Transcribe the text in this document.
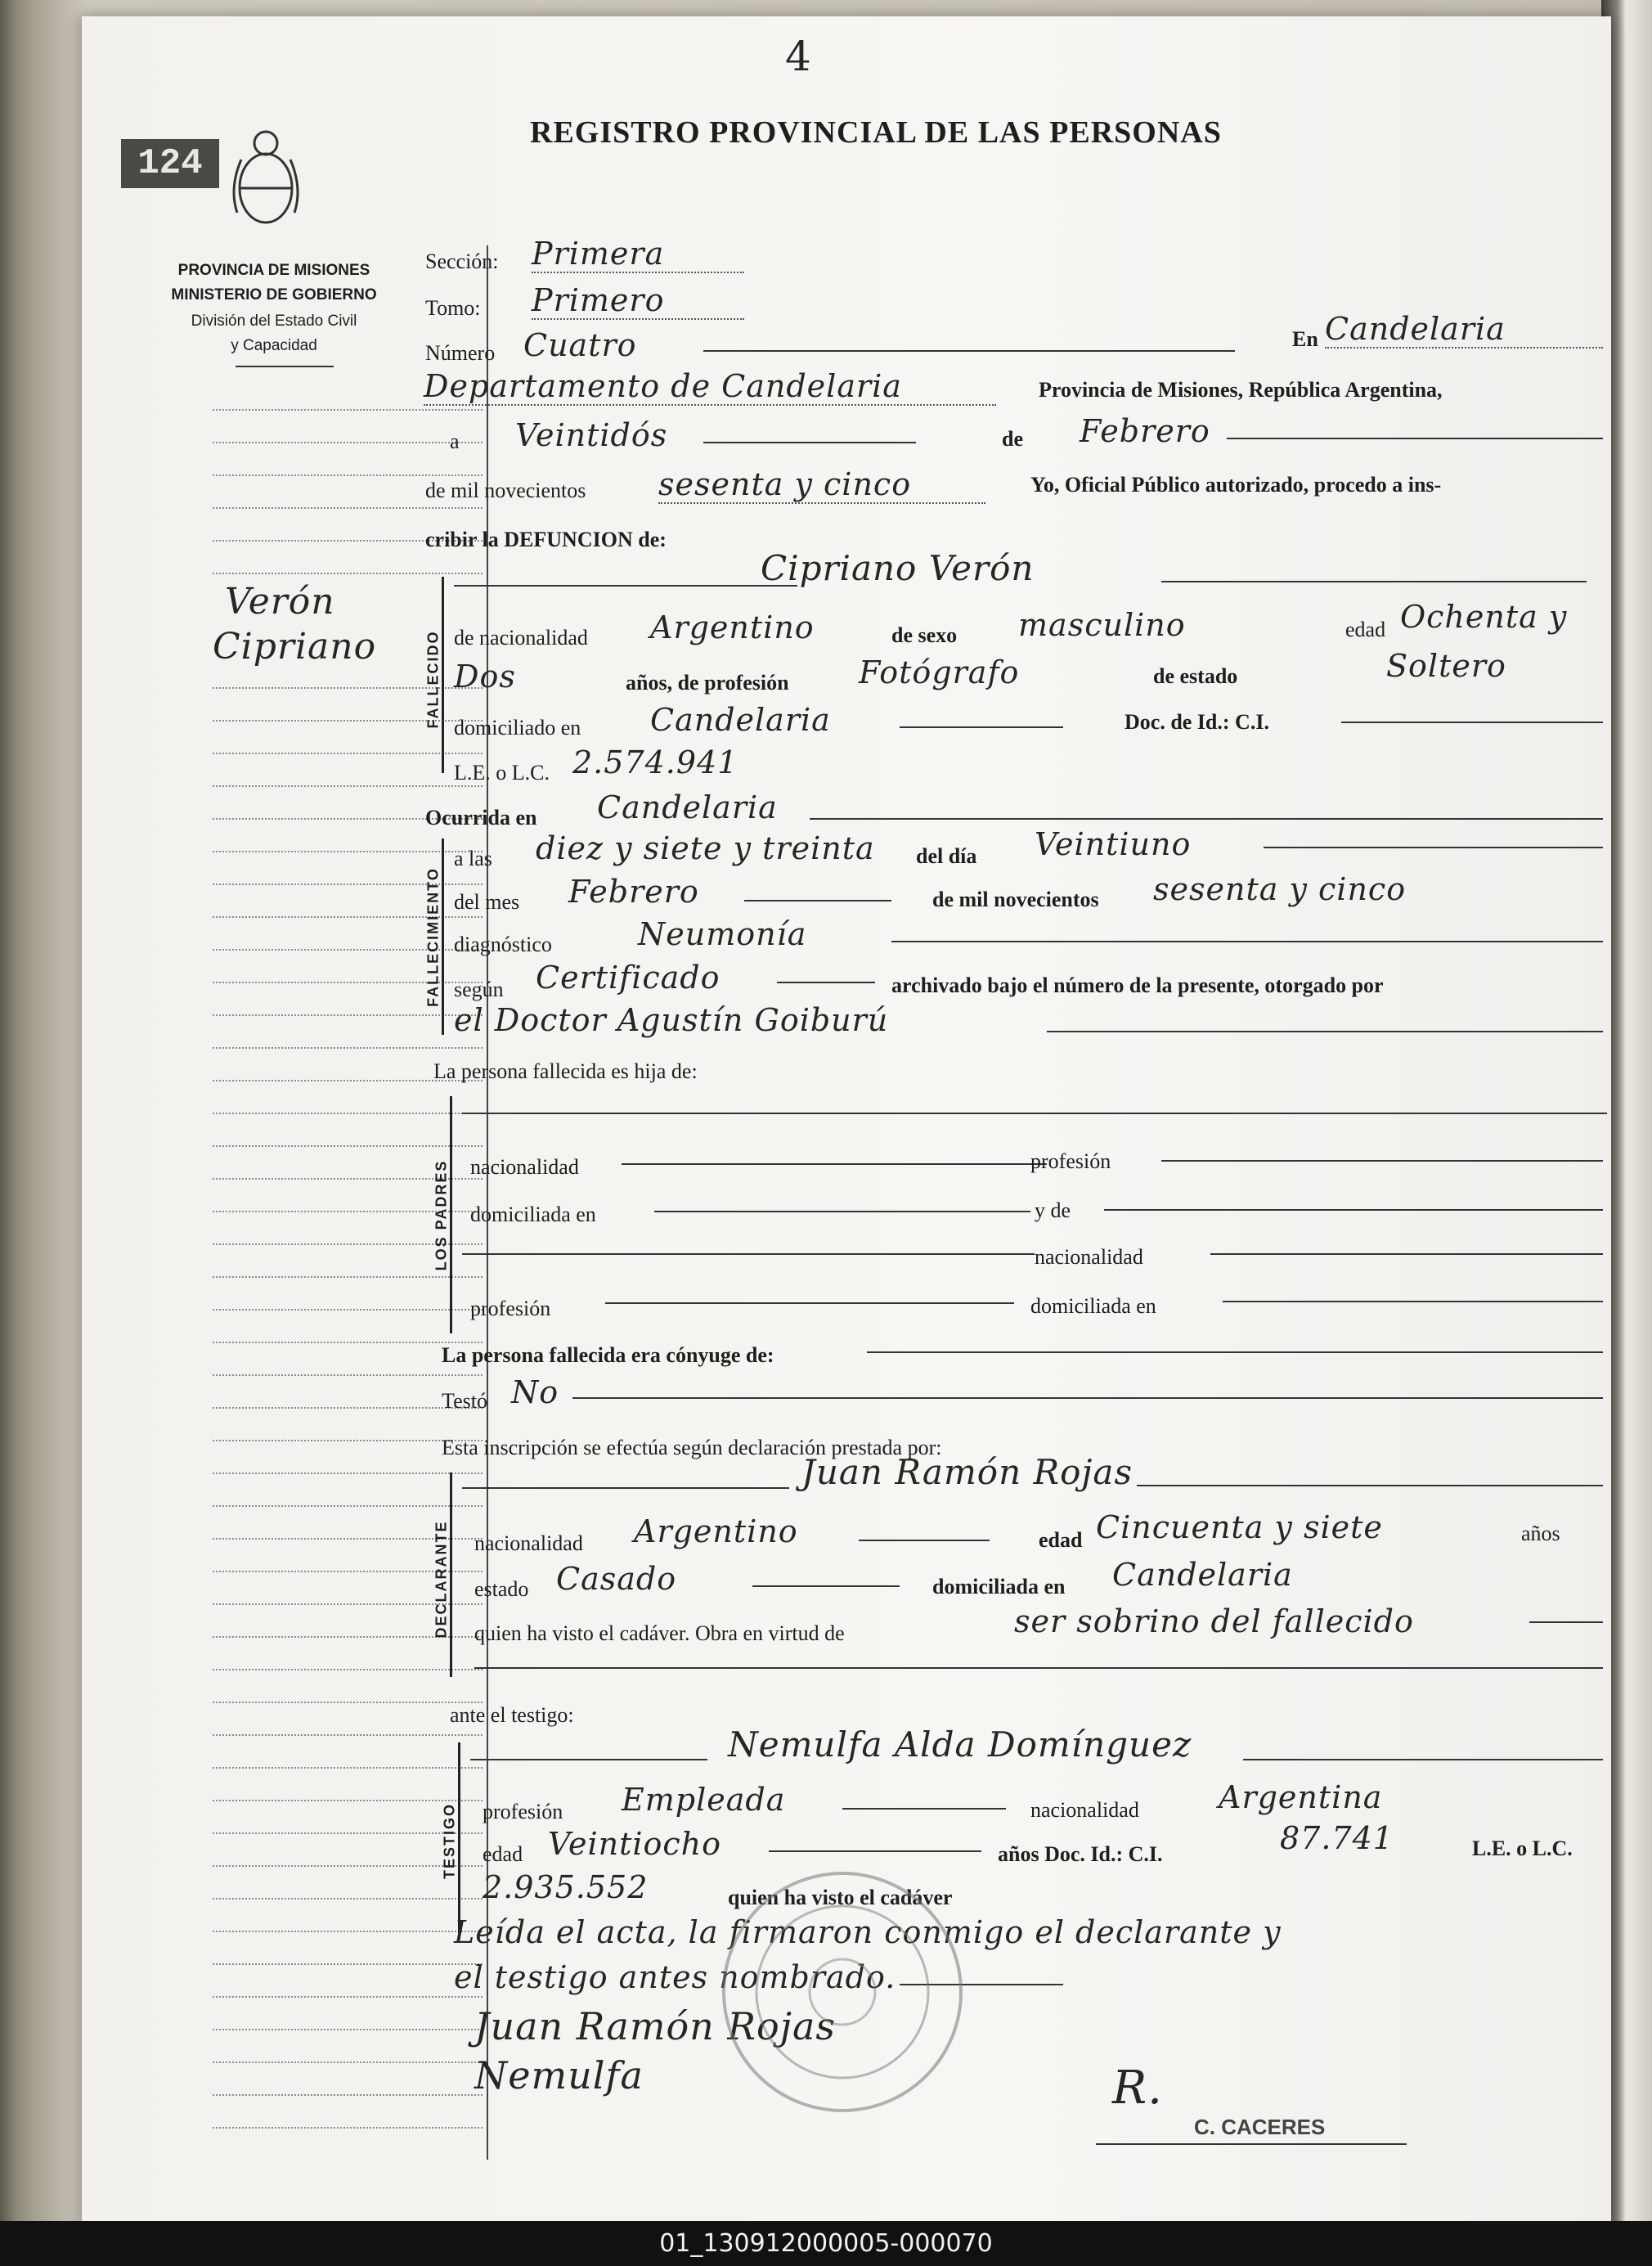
4
124
REGISTRO PROVINCIAL DE LAS PERSONAS
PROVINCIA DE MISIONES
MINISTERIO DE GOBIERNO
División del Estado Civil
y Capacidad
Verón
Cipriano
Sección: Primera
Tomo: Primero
Número Cuatro	En Candelaria
Departamento de Candelaria	Provincia de Misiones, República Argentina,
a Veintidós	de Febrero
de mil novecientos sesenta y cinco	Yo, Oficial Público autorizado, procedo a ins-
cribir la DEFUNCION de:
FALLECIDO
Cipriano Verón
de nacionalidad Argentino	de sexo masculino	edad Ochenta y
Dos	años, de profesión Fotógrafo	de estado	Soltero
domiciliado en Candelaria	Doc. de Id.: C.I.
L.E. o L.C. 2.574.941
Ocurrida en Candelaria
FALLECIMIENTO
a las diez y siete y treinta del día Veintiuno
del mes Febrero	de mil novecientos sesenta y cinco
diagnóstico	Neumonía
según Certificado	archivado bajo el número de la presente, otorgado por
el Doctor Agustín Goiburú
La persona fallecida es hija de:
LOS PADRES nacionalidad	profesión
domiciliada en	y de
nacionalidad
profesión	domiciliada en
La persona fallecida era cónyuge de:
Testó No
Esta inscripción se efectúa según declaración prestada por:
DECLARANTE
Juan Ramón Rojas
nacionalidad Argentino	edad Cincuenta y siete	años
estado Casado	domiciliada en Candelaria
quien ha visto el cadáver. Obra en virtud de	ser sobrino del fallecido
ante el testigo:
TESTIGO
Nemulfa Alda Domínguez
profesión Empleada	nacionalidad	Argentina
edad Veintiocho	años Doc. Id.: C.I.	87.741	L.E. o L.C.
2.935.552	quien ha visto el cadáver
Leída el acta, la firmaron conmigo el declarante y
el testigo antes nombrado.
Juan Ramón Rojas
Nemulfa	R.
C. CACERES
01_130912000005-000070
